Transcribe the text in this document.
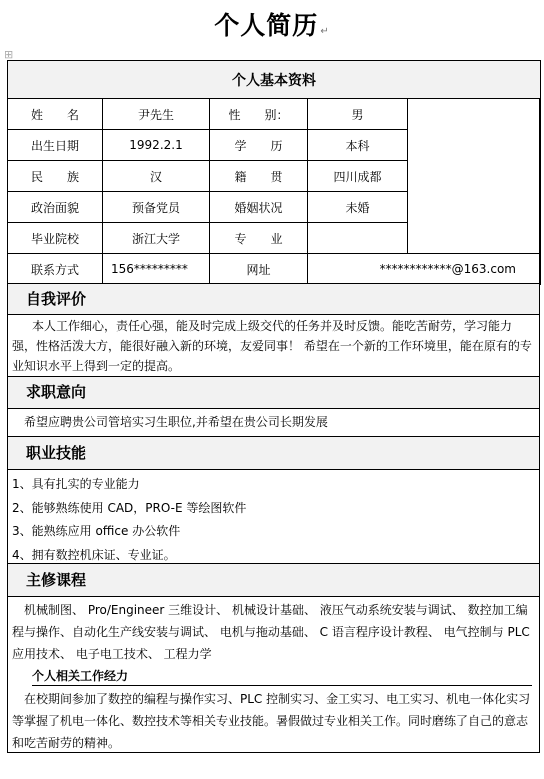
个人简历 ↵
⊞
个人基本资料				
姓　　名	尹先生	性　　别：	男	
出生日期	1992.2.1	学　　历	本科	
民　　族	汉	籍　　贯	四川成都	
政治面貌	预备党员	婚姻状况	未婚	
毕业院校	浙江大学	专　　业		
联系方式	156*********	网址	************@163.com	
自我评价
本人工作细心，责任心强，能及时完成上级交代的任务并及时反馈。能吃苦耐劳，学习能力强，性格活泼大方，能很好融入新的环境，友爱同事！ 希望在一个新的工作环境里，能在原有的专业知识水平上得到一定的提高。
求职意向
希望应聘贵公司管培实习生职位,并希望在贵公司长期发展
职业技能
1、具有扎实的专业能力
2、能够熟练使用 CAD，PRO-E 等绘图软件
3、能熟练应用 office 办公软件
4、拥有数控机床证、专业证。
主修课程
机械制图、 Pro/Engineer 三维设计、 机械设计基础、 液压气动系统安装与调试、 数控加工编程与操作、自动化生产线安装与调试、 电机与拖动基础、 C 语言程序设计教程、 电气控制与 PLC 应用技术、 电子电工技术、 工程力学
个人相关工作经力
在校期间参加了数控的编程与操作实习、PLC 控制实习、金工实习、电工实习、机电一体化实习等掌握了机电一体化、数控技术等相关专业技能。暑假做过专业相关工作。同时磨练了自己的意志和吃苦耐劳的精神。
